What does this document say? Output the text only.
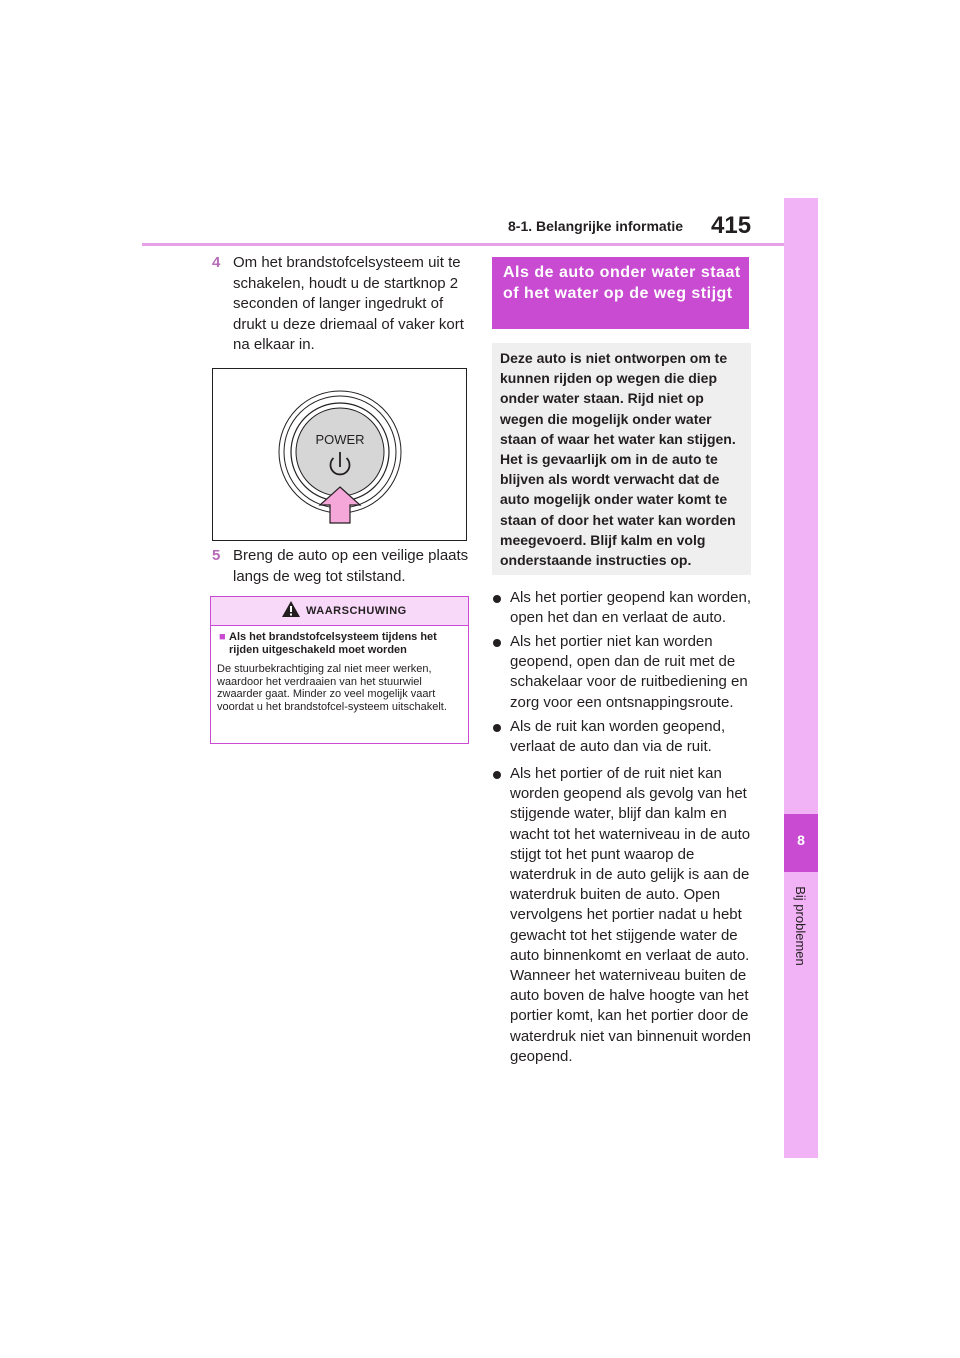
8-1. Belangrijke informatie 415
8
Bij problemen
4 Om het brandstofcelsysteem uit te schakelen, houdt u de startknop 2 seconden of langer ingedrukt of drukt u deze driemaal of vaker kort na elkaar in.
POWER
5 Breng de auto op een veilige plaats langs de weg tot stilstand.
WAARSCHUWING
■ Als het brandstofcelsysteem tijdens het rijden uitgeschakeld moet worden
De stuurbekrachtiging zal niet meer werken, waardoor het verdraaien van het stuurwiel zwaarder gaat. Minder zo veel mogelijk vaart voordat u het brandstofcel-systeem uitschakelt.
Als de auto onder water staat of het water op de weg stijgt
Deze auto is niet ontworpen om te kunnen rijden op wegen die diep onder water staan. Rijd niet op wegen die mogelijk onder water staan of waar het water kan stijgen. Het is gevaarlijk om in de auto te blijven als wordt verwacht dat de auto mogelijk onder water komt te staan of door het water kan worden meegevoerd. Blijf kalm en volg onderstaande instructies op.
Als het portier geopend kan worden, open het dan en verlaat de auto.
Als het portier niet kan worden geopend, open dan de ruit met de schakelaar voor de ruitbediening en zorg voor een ontsnappingsroute.
Als de ruit kan worden geopend, verlaat de auto dan via de ruit.
Als het portier of de ruit niet kan worden geopend als gevolg van het stijgende water, blijf dan kalm en wacht tot het waterniveau in de auto stijgt tot het punt waarop de waterdruk in de auto gelijk is aan de waterdruk buiten de auto. Open vervolgens het portier nadat u hebt gewacht tot het stijgende water de auto binnenkomt en verlaat de auto. Wanneer het waterniveau buiten de auto boven de halve hoogte van het portier komt, kan het portier door de waterdruk niet van binnenuit worden geopend.
